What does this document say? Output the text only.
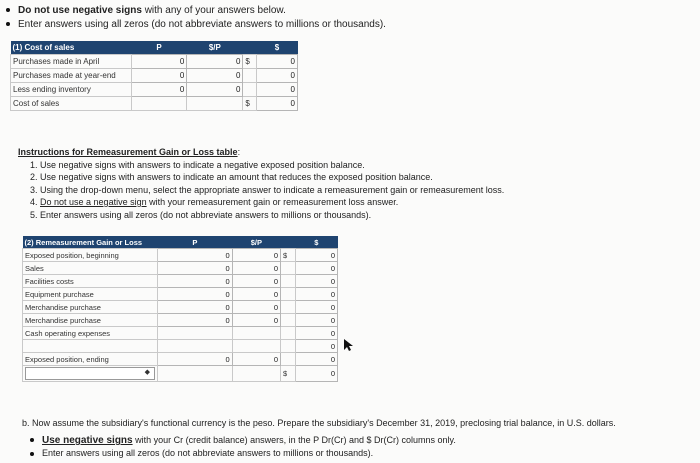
Do not use negative signs with any of your answers below.
Enter answers using all zeros (do not abbreviate answers to millions or thousands).
(1) Cost of sales	P	$/P		$
Purchases made in April	0	0	$	0
Purchases made at year-end	0	0		0
Less ending inventory	0	0		0
Cost of sales			$	0
Instructions for Remeasurement Gain or Loss table:
1. Use negative signs with answers to indicate a negative exposed position balance.
2. Use negative signs with answers to indicate an amount that reduces the exposed position balance.
3. Using the drop-down menu, select the appropriate answer to indicate a remeasurement gain or remeasurement loss.
4. Do not use a negative sign with your remeasurement gain or remeasurement loss answer.
5. Enter answers using all zeros (do not abbreviate answers to millions or thousands).
(2) Remeasurement Gain or Loss	P	$/P		$
Exposed position, beginning	0	0	$	0
Sales	0	0		0
Facilities costs	0	0		0
Equipment purchase	0	0		0
Merchandise purchase	0	0		0
Merchandise purchase	0	0		0
Cash operating expenses				0
				0
Exposed position, ending	0	0		0

◆			$	0
b. Now assume the subsidiary's functional currency is the peso. Prepare the subsidiary's December 31, 2019, preclosing trial balance, in U.S. dollars.
Use negative signs with your Cr (credit balance) answers, in the P Dr(Cr) and $ Dr(Cr) columns only.
Enter answers using all zeros (do not abbreviate answers to millions or thousands).
